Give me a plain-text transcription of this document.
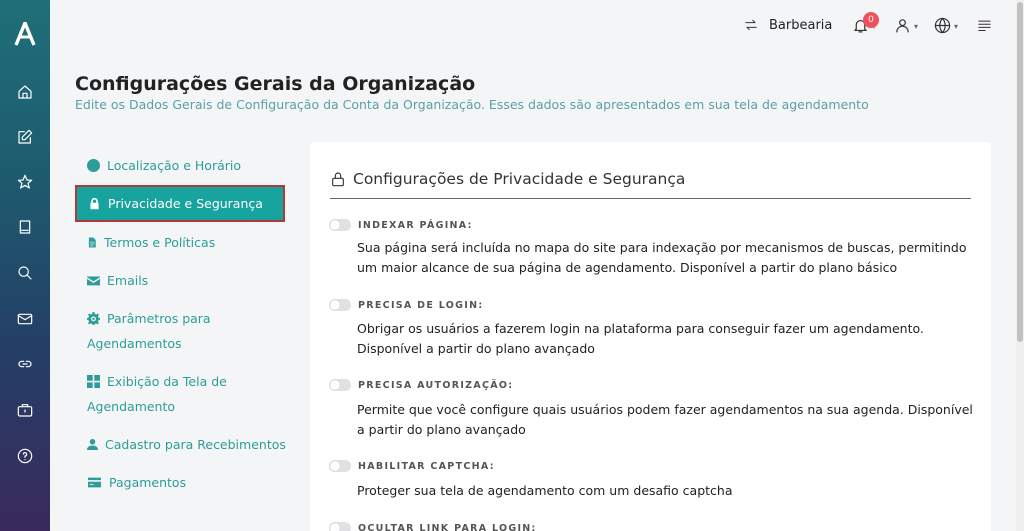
Barbearia	0
▾	▾
Configurações Gerais da Organização
Edite os Dados Gerais de Configuração da Conta da Organização. Esses dados são apresentados em sua tela de agendamento
Localização e Horário
Privacidade e Segurança
Termos e Políticas
Emails
Parâmetros para Agendamentos
Exibição da Tela de Agendamento
Cadastro para Recebimentos
Pagamentos
Configurações de Privacidade e Segurança
INDEXAR PÁGINA:
Sua página será incluída no mapa do site para indexação por mecanismos de buscas, permitindo um maior alcance de sua página de agendamento. Disponível a partir do plano básico
PRECISA DE LOGIN:
Obrigar os usuários a fazerem login na plataforma para conseguir fazer um agendamento. Disponível a partir do plano avançado
PRECISA AUTORIZAÇÃO:
Permite que você configure quais usuários podem fazer agendamentos na sua agenda. Disponível a partir do plano avançado
HABILITAR CAPTCHA:
Proteger sua tela de agendamento com um desafio captcha
OCULTAR LINK PARA LOGIN:
